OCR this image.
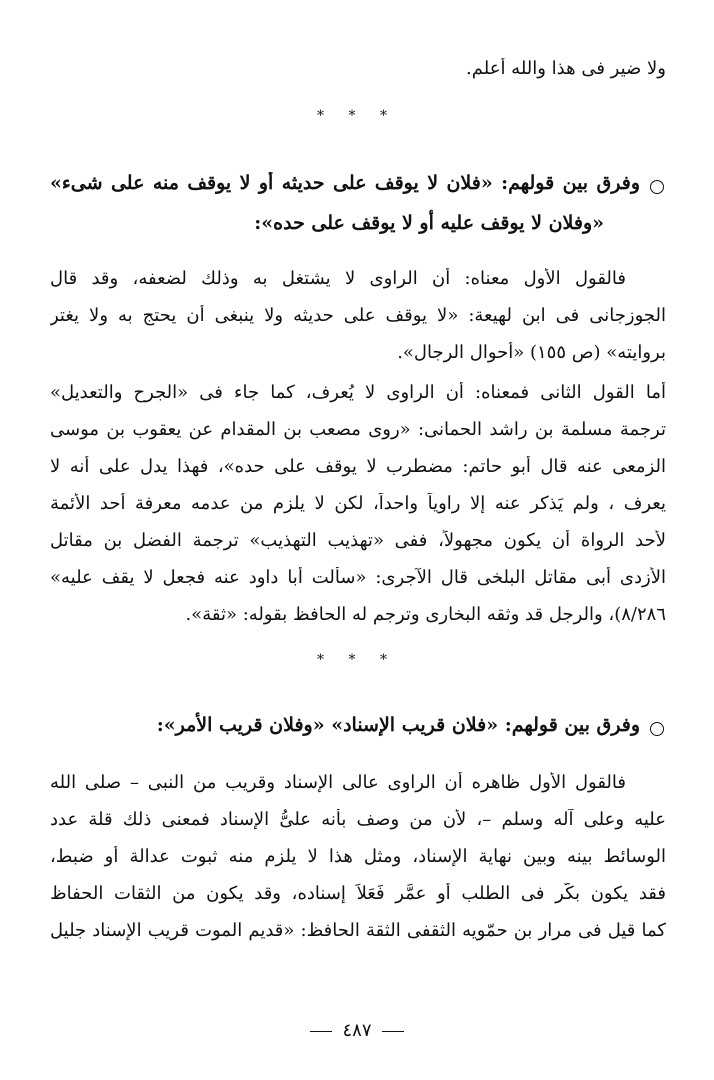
ولا ضير فى هذا والله أعلم.
* * *
وفرق بين قولهم: «فلان لا يوقف على حديثه أو لا يوقف منه على شىء»
«وفلان لا يوقف عليه أو لا يوقف على حده»:
فالقول الأول معناه: أن الراوى لا يشتغل به وذلك لضعفه، وقد قال
الجوزجانى فى ابن لهيعة: «لا يوقف على حديثه ولا ينبغى أن يحتج به ولا يغتر
بروايته» (ص ١٥٥) «أحوال الرجال».
أما القول الثانى فمعناه: أن الراوى لا يُعرف، كما جاء فى «الجرح والتعديل»
ترجمة مسلمة بن راشد الحمانى: «روى مصعب بن المقدام عن يعقوب بن موسى
الزمعى عنه قال أبو حاتم: مضطرب لا يوقف على حده»، فهذا يدل على أنه لا
يعرف ، ولم يَذكر عنه إلا راوياً واحداً، لكن لا يلزم من عدمه معرفة أحد الأئمة
لأحد الرواة أن يكون مجهولاً، ففى «تهذيب التهذيب» ترجمة الفضل بن مقاتل
الأزدى أبى مقاتل البلخى قال الآجرى: «سألت أبا داود عنه فجعل لا يقف عليه»
٨/٢٨٦)، والرجل قد وثقه البخارى وترجم له الحافظ بقوله: «ثقة».
* * *
وفرق بين قولهم: «فلان قريب الإسناد» «وفلان قريب الأمر»:
فالقول الأول ظاهره أن الراوى عالى الإسناد وقريب من النبى – صلى الله
عليه وعلى آله وسلم –، لأن من وصف بأنه علىُّ الإسناد فمعنى ذلك قلة عدد
الوسائط بينه وبين نهاية الإسناد، ومثل هذا لا يلزم منه ثبوت عدالة أو ضبط،
فقد يكون بكَّر فى الطلب أو عمَّر فَعَلاَ إسناده، وقد يكون من الثقات الحفاظ
كما قيل فى مرار بن حمّويه الثقفى الثقة الحافظ: «قديم الموت قريب الإسناد جليل
٤٨٧
